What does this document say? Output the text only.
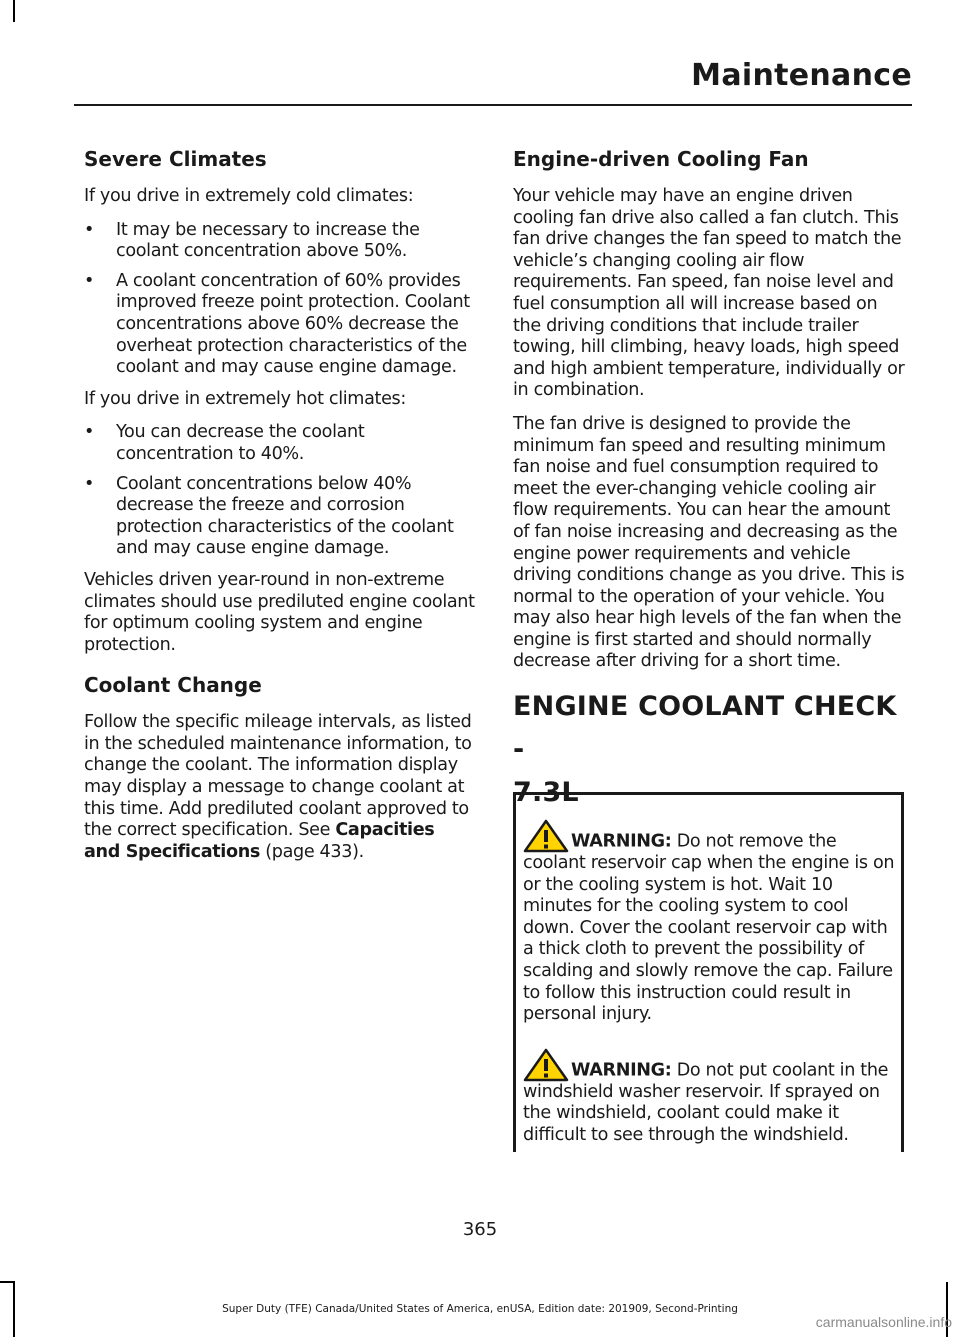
Maintenance
Severe Climates

If you drive in extremely cold climates:

• It may be necessary to increase the coolant concentration above 50%.
• A coolant concentration of 60% provides improved freeze point protection. Coolant concentrations above 60% decrease the overheat protection characteristics of the coolant and may cause engine damage.

If you drive in extremely hot climates:

• You can decrease the coolant concentration to 40%.
• Coolant concentrations below 40% decrease the freeze and corrosion protection characteristics of the coolant and may cause engine damage.

Vehicles driven year-round in non-extreme climates should use prediluted engine coolant for optimum cooling system and engine protection.

Coolant Change

Follow the specific mileage intervals, as listed in the scheduled maintenance information, to change the coolant. The information display may display a message to change coolant at this time. Add prediluted coolant approved to the correct specification. See Capacities and Specifications (page 433).

Engine-driven Cooling Fan

Your vehicle may have an engine driven cooling fan drive also called a fan clutch. This fan drive changes the fan speed to match the vehicle’s changing cooling air flow requirements. Fan speed, fan noise level and fuel consumption all will increase based on the driving conditions that include trailer towing, hill climbing, heavy loads, high speed and high ambient temperature, individually or in combination.

The fan drive is designed to provide the minimum fan speed and resulting minimum fan noise and fuel consumption required to meet the ever-changing vehicle cooling air flow requirements. You can hear the amount of fan noise increasing and decreasing as the engine power requirements and vehicle driving conditions change as you drive. This is normal to the operation of your vehicle. You may also hear high levels of the fan when the engine is first started and should normally decrease after driving for a short time.

ENGINE COOLANT CHECK -
7.3L
WARNING: Do not remove the coolant reservoir cap when the engine is on or the cooling system is hot. Wait 10 minutes for the cooling system to cool down. Cover the coolant reservoir cap with a thick cloth to prevent the possibility of scalding and slowly remove the cap. Failure to follow this instruction could result in personal injury.
WARNING: Do not put coolant in the windshield washer reservoir. If sprayed on the windshield, coolant could make it difficult to see through the windshield.
365
Super Duty (TFE) Canada/United States of America, enUSA, Edition date: 201909, Second-Printing
carmanualsonline.info
